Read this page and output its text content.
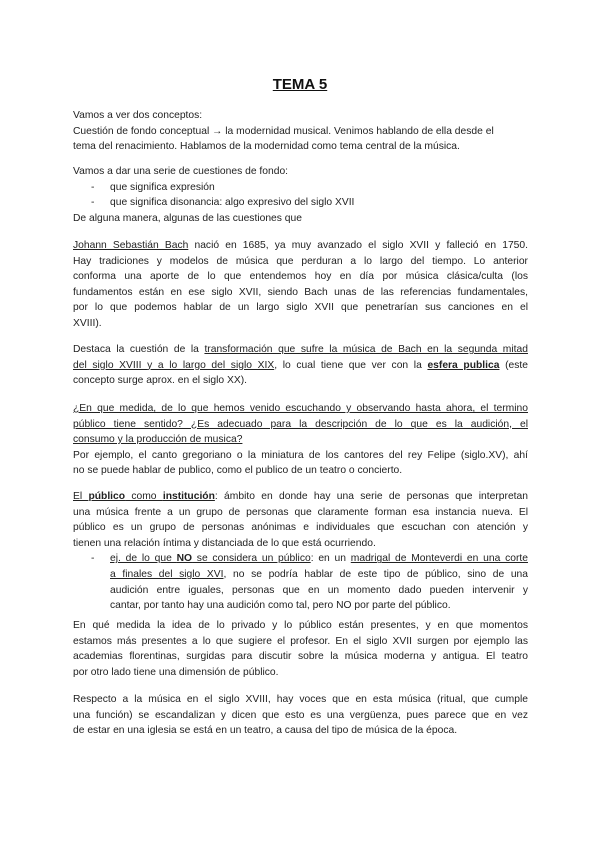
TEMA 5
Vamos a ver dos conceptos:
Cuestión de fondo conceptual → la modernidad musical. Venimos hablando de ella desde el
tema del renacimiento. Hablamos de la modernidad como tema central de la música.
Vamos a dar una serie de cuestiones de fondo:
- que significa expresión
- que significa disonancia: algo expresivo del siglo XVII
De alguna manera, algunas de las cuestiones que
Johann Sebastián Bach nació en 1685, ya muy avanzado el siglo XVII y falleció en 1750.
Hay tradiciones y modelos de música que perduran a lo largo del tiempo. Lo anterior
conforma una aporte de lo que entendemos hoy en día por música clásica/culta (los
fundamentos están en ese siglo XVII, siendo Bach unas de las referencias fundamentales,
por lo que podemos hablar de un largo siglo XVII que penetrarían sus canciones en el
XVIII).
Destaca la cuestión de la transformación que sufre la música de Bach en la segunda mitad
del siglo XVIII y a lo largo del siglo XIX, lo cual tiene que ver con la esfera publica (este
concepto surge aprox. en el siglo XX).
¿En que medida, de lo que hemos venido escuchando y observando hasta ahora, el termino
público tiene sentido? ¿Es adecuado para la descripción de lo que es la audición, el
consumo y la producción de musica?
Por ejemplo, el canto gregoriano o la miniatura de los cantores del rey Felipe (siglo.XV), ahí
no se puede hablar de publico, como el publico de un teatro o concierto.
El público como institución: ámbito en donde hay una serie de personas que interpretan
una música frente a un grupo de personas que claramente forman esa instancia nueva. El
público es un grupo de personas anónimas e individuales que escuchan con atención y
tienen una relación íntima y distanciada de lo que está ocurriendo.
- ej. de lo que NO se considera un público: en un madrigal de Monteverdi en una corte
a finales del siglo XVI, no se podría hablar de este tipo de público, sino de una
audición entre iguales, personas que en un momento dado pueden intervenir y
cantar, por tanto hay una audición como tal, pero NO por parte del público.
En qué medida la idea de lo privado y lo público están presentes, y en que momentos
estamos más presentes a lo que sugiere el profesor. En el siglo XVII surgen por ejemplo las
academias florentinas, surgidas para discutir sobre la música moderna y antigua. El teatro
por otro lado tiene una dimensión de público.
Respecto a la música en el siglo XVIII, hay voces que en esta música (ritual, que cumple
una función) se escandalizan y dicen que esto es una vergüenza, pues parece que en vez
de estar en una iglesia se está en un teatro, a causa del tipo de música de la época.
